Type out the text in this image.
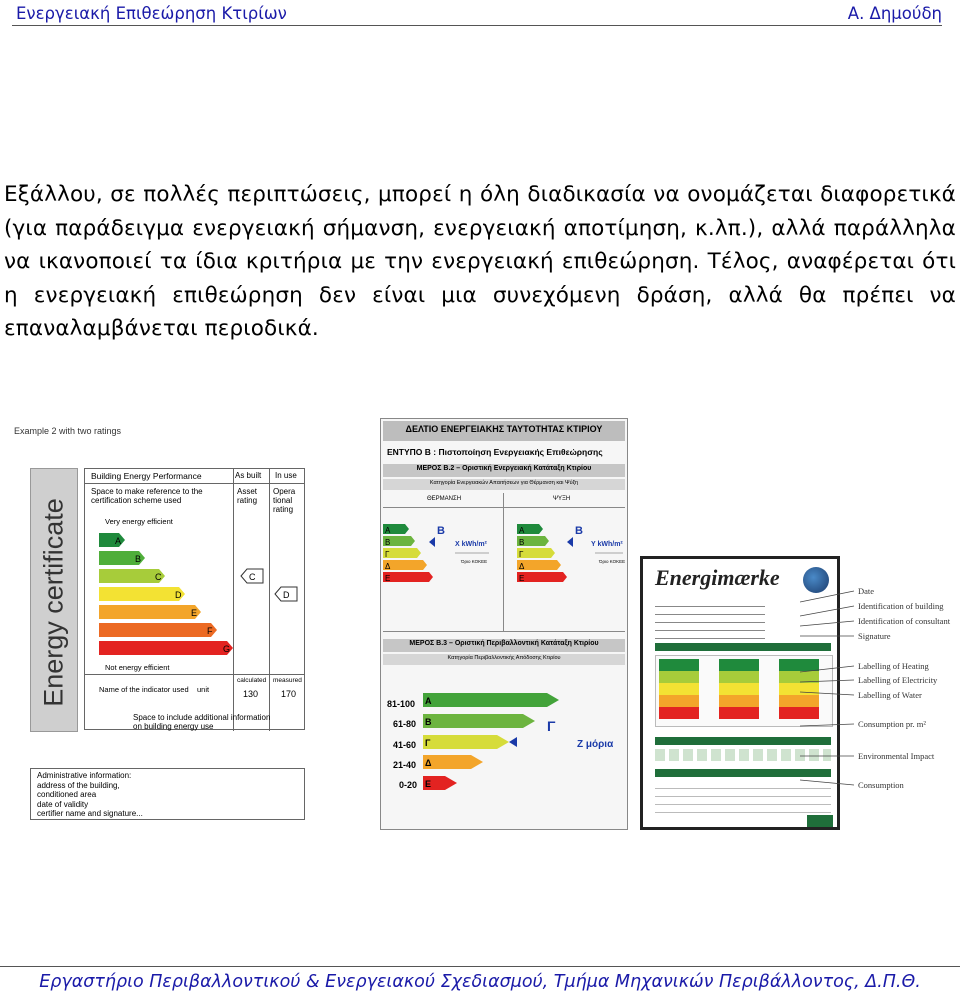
Ενεργειακή Επιθεώρηση Κτιρίων	Α. Δημούδη
Εξάλλου, σε πολλές περιπτώσεις, μπορεί η όλη διαδικασία να ονομάζεται διαφορετικά (για παράδειγμα ενεργειακή σήμανση, ενεργειακή αποτίμηση, κ.λπ.), αλλά παράλληλα να ικανοποιεί τα ίδια κριτήρια με την ενεργειακή επιθεώρηση. Τέλος, αναφέρεται ότι η ενεργειακή επιθεώρηση δεν είναι μια συνεχόμενη δράση, αλλά θα πρέπει να επαναλαμβάνεται περιοδικά.
Example 2 with two ratings
Energy certificate
Building Energy Performance	As built In use
Space to make reference to the
certification scheme used
Asset
rating
Opera
tional
rating
Very energy efficient
A
B
C
D
E
F
G
C
D
Not energy efficient
Name of the indicator used unit
calculated measured
130	170
Space to include additional information
on building energy use
Administrative information:
address of the building,
conditioned area
date of validity
certifier name and signature...
ΔΕΛΤΙΟ ΕΝΕΡΓΕΙΑΚΗΣ ΤΑΥΤΟΤΗΤΑΣ ΚΤΙΡΙΟΥ
ΕΝΤΥΠΟ Β : Πιστοποίηση Ενεργειακής Επιθεώρησης
ΜΕΡΟΣ Β.2 – Οριστική Ενεργειακή Κατάταξη Κτιρίου
Κατηγορία Ενεργειακών Απαιτήσεων για Θέρμανση και Ψύξη
ΘΕΡΜΑΝΣΗ	ΨΥΞΗ
Α
Β
Γ
Δ
Ε
Β
X kWh/m²
Όριο ΚΟΚΕΕ
Α
Β
Γ
Δ
Ε
Β
Y kWh/m²
Όριο ΚΟΚΕΕ
ΜΕΡΟΣ Β.3 – Οριστική Περιβαλλοντική Κατάταξη Κτιρίου
Κατηγορία Περιβαλλοντικής Απόδοσης Κτιρίου
81-100
61-80
41-60
21-40
0-20
Α
Β
Γ
Δ
Ε
Γ
Z μόρια
Energimærke
Date
Identification of building
Identification of consultant
Signature
Labelling of Heating
Labelling of Electricity
Labelling of Water
Consumption pr. m²
Environmental Impact
Consumption
Εργαστήριο Περιβαλλοντικού & Ενεργειακού Σχεδιασμού, Τμήμα Μηχανικών Περιβάλλοντος, Δ.Π.Θ.
